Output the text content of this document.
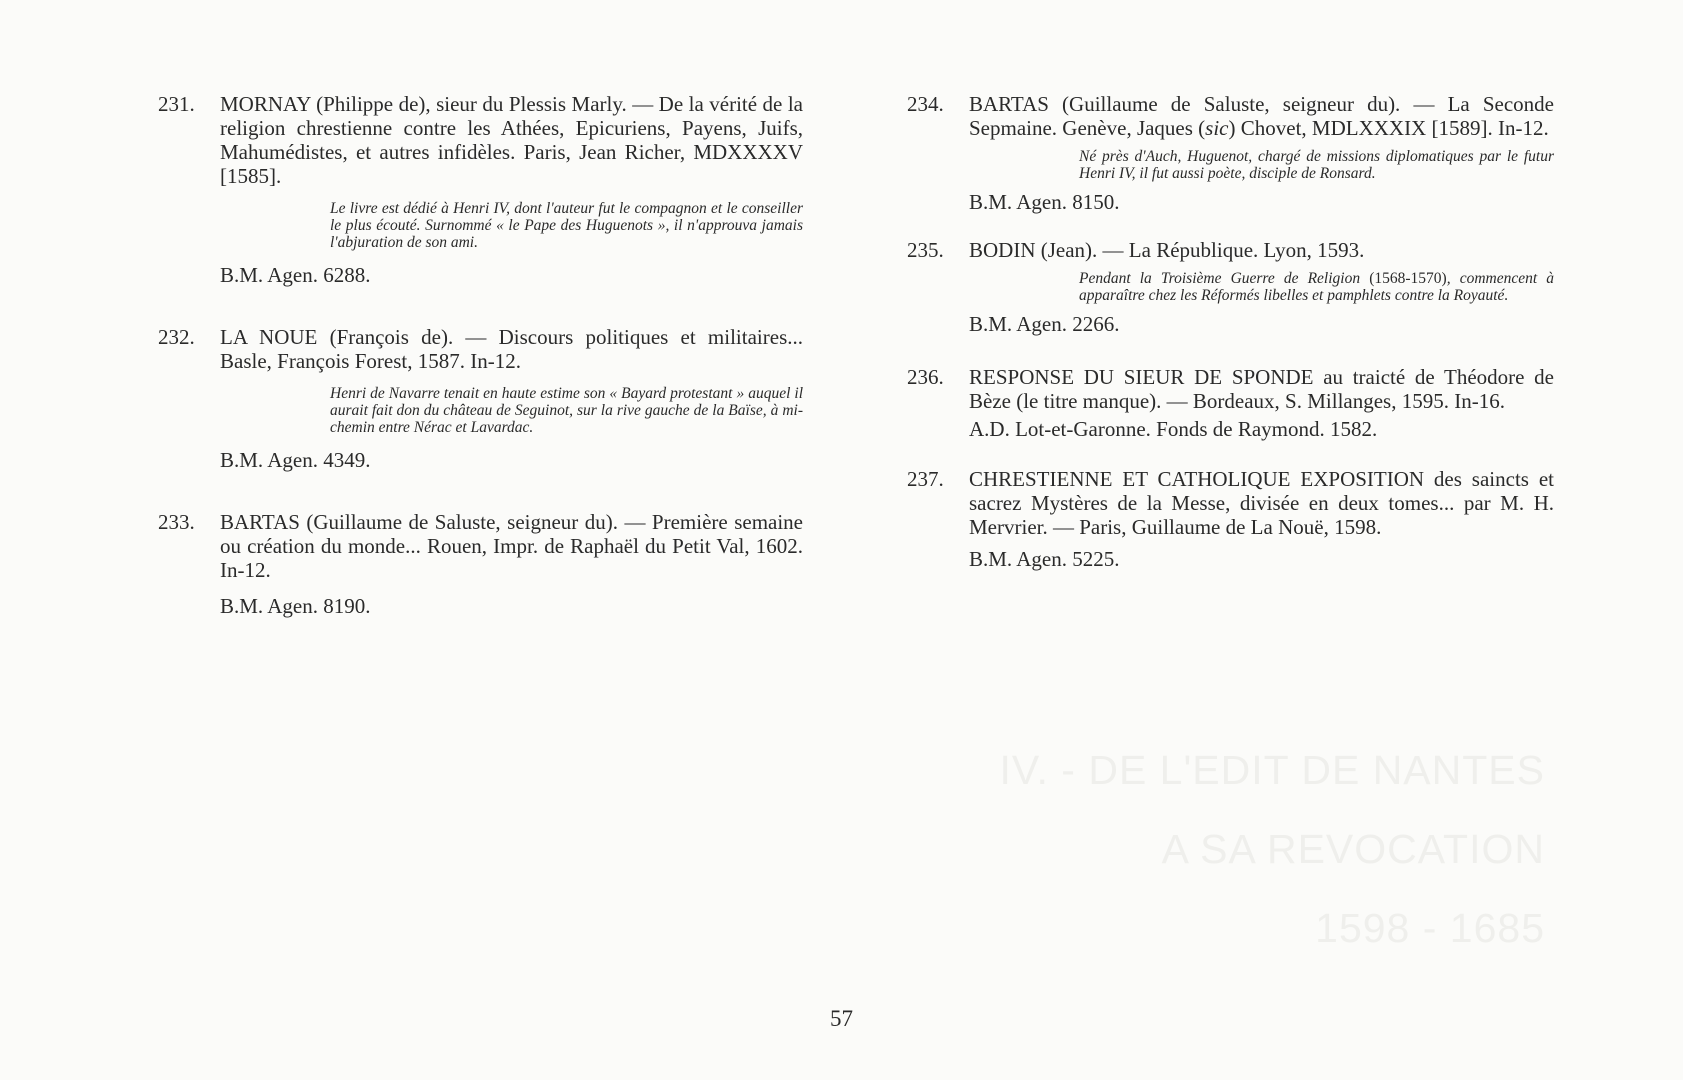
231. MORNAY (Philippe de), sieur du Plessis Marly. — De la vérité de la religion chrestienne contre les Athées, Epicuriens, Payens, Juifs, Mahumédistes, et autres infidèles. Paris, Jean Richer, MDXXXXV [1585].
Le livre est dédié à Henri IV, dont l'auteur fut le compagnon et le conseiller le plus écouté. Surnommé « le Pape des Huguenots », il n'approuva jamais l'abjuration de son ami.
B.M. Agen. 6288.
232. LA NOUE (François de). — Discours politiques et militaires... Basle, François Forest, 1587. In-12.
Henri de Navarre tenait en haute estime son « Bayard protestant » auquel il aurait fait don du château de Seguinot, sur la rive gauche de la Baïse, à mi-chemin entre Nérac et Lavardac.
B.M. Agen. 4349.
233. BARTAS (Guillaume de Saluste, seigneur du). — Première semaine ou création du monde... Rouen, Impr. de Raphaël du Petit Val, 1602. In-12.
B.M. Agen. 8190.
234. BARTAS (Guillaume de Saluste, seigneur du). — La Seconde Sepmaine. Genève, Jaques (sic) Chovet, MDLXXXIX [1589]. In-12.
Né près d'Auch, Huguenot, chargé de missions diplomatiques par le futur Henri IV, il fut aussi poète, disciple de Ronsard.
B.M. Agen. 8150.
235. BODIN (Jean). — La République. Lyon, 1593.
Pendant la Troisième Guerre de Religion (1568-1570), commencent à apparaître chez les Réformés libelles et pamphlets contre la Royauté.
B.M. Agen. 2266.
236. RESPONSE DU SIEUR DE SPONDE au traicté de Théodore de Bèze (le titre manque). — Bordeaux, S. Millanges, 1595. In-16.
A.D. Lot-et-Garonne. Fonds de Raymond. 1582.
237. CHRESTIENNE ET CATHOLIQUE EXPOSITION des saincts et sacrez Mystères de la Messe, divisée en deux tomes... par M. H. Mervrier. — Paris, Guillaume de La Nouë, 1598.
B.M. Agen. 5225.
IV. - DE L'EDIT DE NANTES
A SA REVOCATION
1598 - 1685
57
